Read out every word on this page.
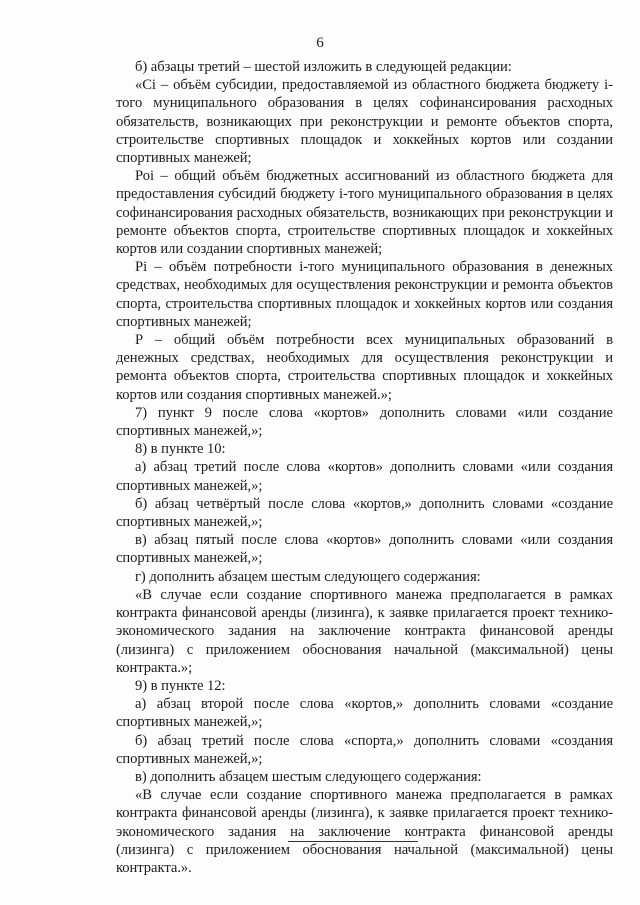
6

б) абзацы третий – шестой изложить в следующей редакции:

«Сi – объём субсидии, предоставляемой из областного бюджета бюджету i-того муниципального образования в целях софинансирования расходных обязательств, возникающих при реконструкции и ремонте объектов спорта, строительстве спортивных площадок и хоккейных кортов или создании спортивных манежей;

Роi – общий объём бюджетных ассигнований из областного бюджета для предоставления субсидий бюджету i-того муниципального образования в целях софинансирования расходных обязательств, возникающих при реконструкции и ремонте объектов спорта, строительстве спортивных площадок и хоккейных кортов или создании спортивных манежей;

Рi – объём потребности i-того муниципального образования в денежных средствах, необходимых для осуществления реконструкции и ремонта объектов спорта, строительства спортивных площадок и хоккейных кортов или создания спортивных манежей;

Р – общий объём потребности всех муниципальных образований в денежных средствах, необходимых для осуществления реконструкции и ремонта объектов спорта, строительства спортивных площадок и хоккейных кортов или создания спортивных манежей.»;

7) пункт 9 после слова «кортов» дополнить словами «или создание спортивных манежей,»;

8) в пункте 10:

а) абзац третий после слова «кортов» дополнить словами «или создания спортивных манежей,»;

б) абзац четвёртый после слова «кортов,» дополнить словами «создание спортивных манежей,»;

в) абзац пятый после слова «кортов» дополнить словами «или создания спортивных манежей,»;

г) дополнить абзацем шестым следующего содержания:

«В случае если создание спортивного манежа предполагается в рамках контракта финансовой аренды (лизинга), к заявке прилагается проект технико-экономического задания на заключение контракта финансовой аренды (лизинга) с приложением обоснования начальной (максимальной) цены контракта.»;

9) в пункте 12:

а) абзац второй после слова «кортов,» дополнить словами «создание спортивных манежей,»;

б) абзац третий после слова «спорта,» дополнить словами «создания спортивных манежей,»;

в) дополнить абзацем шестым следующего содержания:

«В случае если создание спортивного манежа предполагается в рамках контракта финансовой аренды (лизинга), к заявке прилагается проект технико-экономического задания на заключение контракта финансовой аренды (лизинга) с приложением обоснования начальной (максимальной) цены контракта.».
